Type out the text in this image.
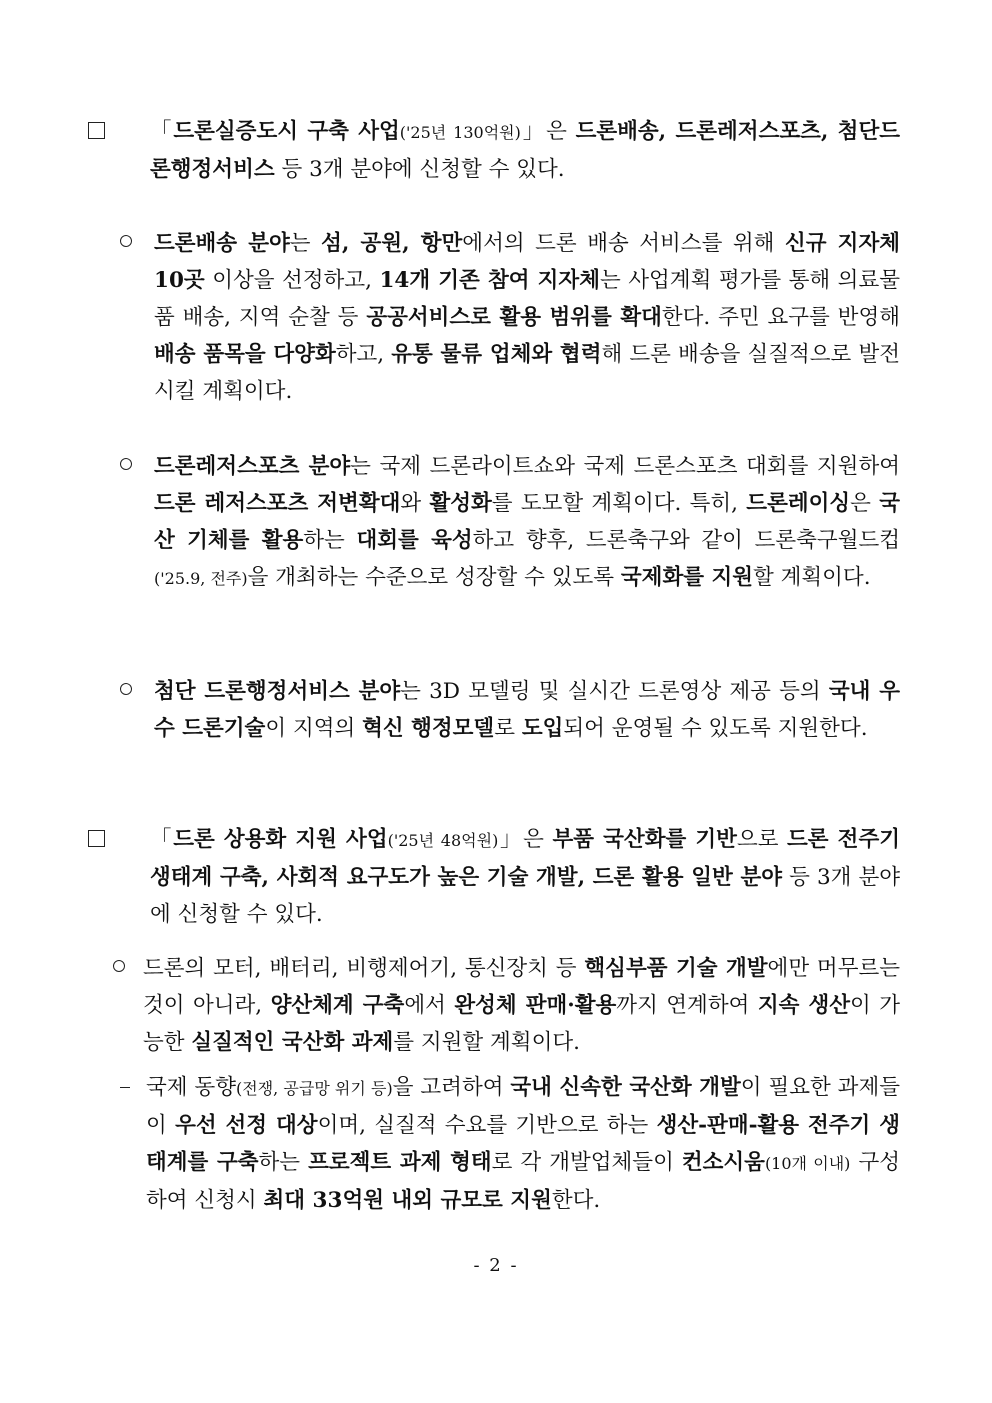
「드론실증도시 구축 사업('25년 130억원)」은 드론배송, 드론레저스포츠, 첨단드론행정서비스 등 3개 분야에 신청할 수 있다.
드론배송 분야는 섬, 공원, 항만에서의 드론 배송 서비스를 위해 신규 지자체 10곳 이상을 선정하고, 14개 기존 참여 지자체는 사업계획 평가를 통해 의료물품 배송, 지역 순찰 등 공공서비스로 활용 범위를 확대한다. 주민 요구를 반영해 배송 품목을 다양화하고, 유통 물류 업체와 협력해 드론 배송을 실질적으로 발전시킬 계획이다.
드론레저스포츠 분야는 국제 드론라이트쇼와 국제 드론스포츠 대회를 지원하여 드론 레저스포츠 저변확대와 활성화를 도모할 계획이다. 특히, 드론레이싱은 국산 기체를 활용하는 대회를 육성하고 향후, 드론축구와 같이 드론축구월드컵('25.9, 전주)을 개최하는 수준으로 성장할 수 있도록 국제화를 지원할 계획이다.
첨단 드론행정서비스 분야는 3D 모델링 및 실시간 드론영상 제공 등의 국내 우수 드론기술이 지역의 혁신 행정모델로 도입되어 운영될 수 있도록 지원한다.
「드론 상용화 지원 사업('25년 48억원)」은 부품 국산화를 기반으로 드론 전주기 생태계 구축, 사회적 요구도가 높은 기술 개발, 드론 활용 일반 분야 등 3개 분야에 신청할 수 있다.
드론의 모터, 배터리, 비행제어기, 통신장치 등 핵심부품 기술 개발에만 머무르는 것이 아니라, 양산체계 구축에서 완성체 판매·활용까지 연계하여 지속 생산이 가능한 실질적인 국산화 과제를 지원할 계획이다.
국제 동향(전쟁, 공급망 위기 등)을 고려하여 국내 신속한 국산화 개발이 필요한 과제들이 우선 선정 대상이며, 실질적 수요를 기반으로 하는 생산-판매-활용 전주기 생태계를 구축하는 프로젝트 과제 형태로 각 개발업체들이 컨소시움(10개 이내) 구성하여 신청시 최대 33억원 내외 규모로 지원한다.
- 2 -
